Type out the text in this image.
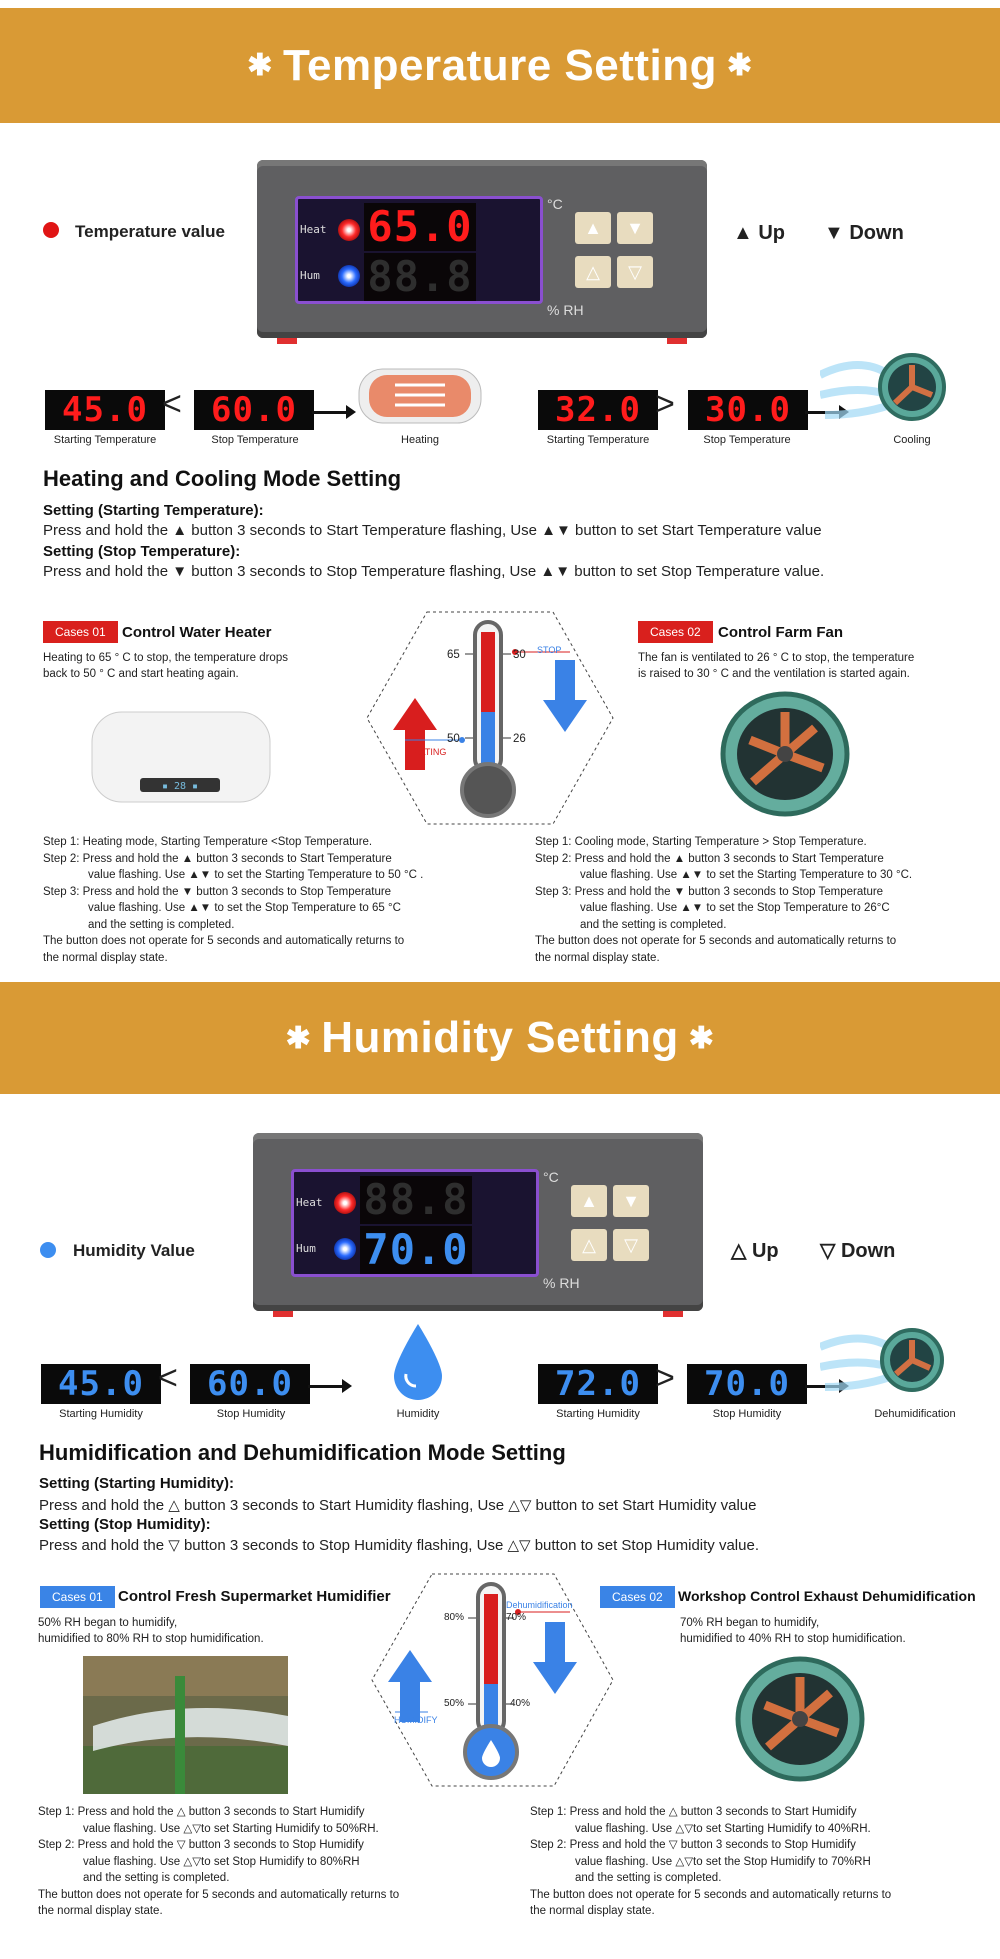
✱ Temperature Setting ✱
Temperature value	Heat
Hum
65.0
88.8
°C
% RH
▲	▼
△	▽
▲ Up ▼ Down
45.0 < 60.0
Starting Temperature	Stop Temperature	Heating
32.0 > 30.0
Starting Temperature	Stop Temperature	Cooling
Heating and Cooling Mode Setting
Setting (Starting Temperature):
Press and hold the ▲ button 3 seconds to Start Temperature flashing, Use ▲▼ button to set Start Temperature value
Setting (Stop Temperature):
Press and hold the ▼ button 3 seconds to Stop Temperature flashing, Use ▲▼ button to set Stop Temperature value.
Cases 01	Control Water Heater
Heating to 65 ° C to stop, the temperature drops
back to 50 ° C and start heating again.
▪ 28 ▪
Step 1: Heating mode, Starting Temperature <Stop Temperature.
Step 2: Press and hold the ▲ button 3 seconds to Start Temperature
value flashing. Use ▲▼ to set the Starting Temperature to 50 °C .
Step 3: Press and hold the ▼ button 3 seconds to Stop Temperature
value flashing. Use ▲▼ to set the Stop Temperature to 65 °C
and the setting is completed.
The button does not operate for 5 seconds and automatically returns to
the normal display state.
65
50
30
26
STOP
HEATING
Cases 02	Control Farm Fan
The fan is ventilated to 26 ° C to stop, the temperature
is raised to 30 ° C and the ventilation is started again.
Step 1: Cooling mode, Starting Temperature > Stop Temperature.
Step 2: Press and hold the ▲ button 3 seconds to Start Temperature
value flashing. Use ▲▼ to set the Starting Temperature to 30 °C.
Step 3: Press and hold the ▼ button 3 seconds to Stop Temperature
value flashing. Use ▲▼ to set the Stop Temperature to 26°C
and the setting is completed.
The button does not operate for 5 seconds and automatically returns to
the normal display state.
✱ Humidity Setting ✱
Humidity Value
Heat
Hum
88.8
70.0
°C
% RH
▲	▼
△	▽	△ Up ▽ Down
45.0 < 60.0
Starting Humidity	Stop Humidity	Humidity
72.0 > 70.0
Starting Humidity	Stop Humidity	Dehumidification
Humidification and Dehumidification Mode Setting
Setting (Starting Humidity):
Press and hold the △ button 3 seconds to Start Humidity flashing, Use △▽ button to set Start Humidity value
Setting (Stop Humidity):
Press and hold the ▽ button 3 seconds to Stop Humidity flashing, Use △▽ button to set Stop Humidity value.
Cases 01	Control Fresh Supermarket Humidifier
50% RH began to humidify,
humidified to 80% RH to stop humidification.
Step 1: Press and hold the △ button 3 seconds to Start Humidify
value flashing. Use △▽to set Starting Humidify to 50%RH.
Step 2: Press and hold the ▽ button 3 seconds to Stop Humidify
value flashing. Use △▽to set Stop Humidify to 80%RH
and the setting is completed.
The button does not operate for 5 seconds and automatically returns to
the normal display state.
80%
50%
70%
40%
Dehumidification
HUMIDIFY
Cases 02	Workshop Control Exhaust Dehumidification
70% RH began to humidify,
humidified to 40% RH to stop humidification.
Step 1: Press and hold the △ button 3 seconds to Start Humidify
value flashing. Use △▽to set Starting Humidify to 40%RH.
Step 2: Press and hold the ▽ button 3 seconds to Stop Humidify
value flashing. Use △▽to set the Stop Humidify to 70%RH
and the setting is completed.
The button does not operate for 5 seconds and automatically returns to
the normal display state.
